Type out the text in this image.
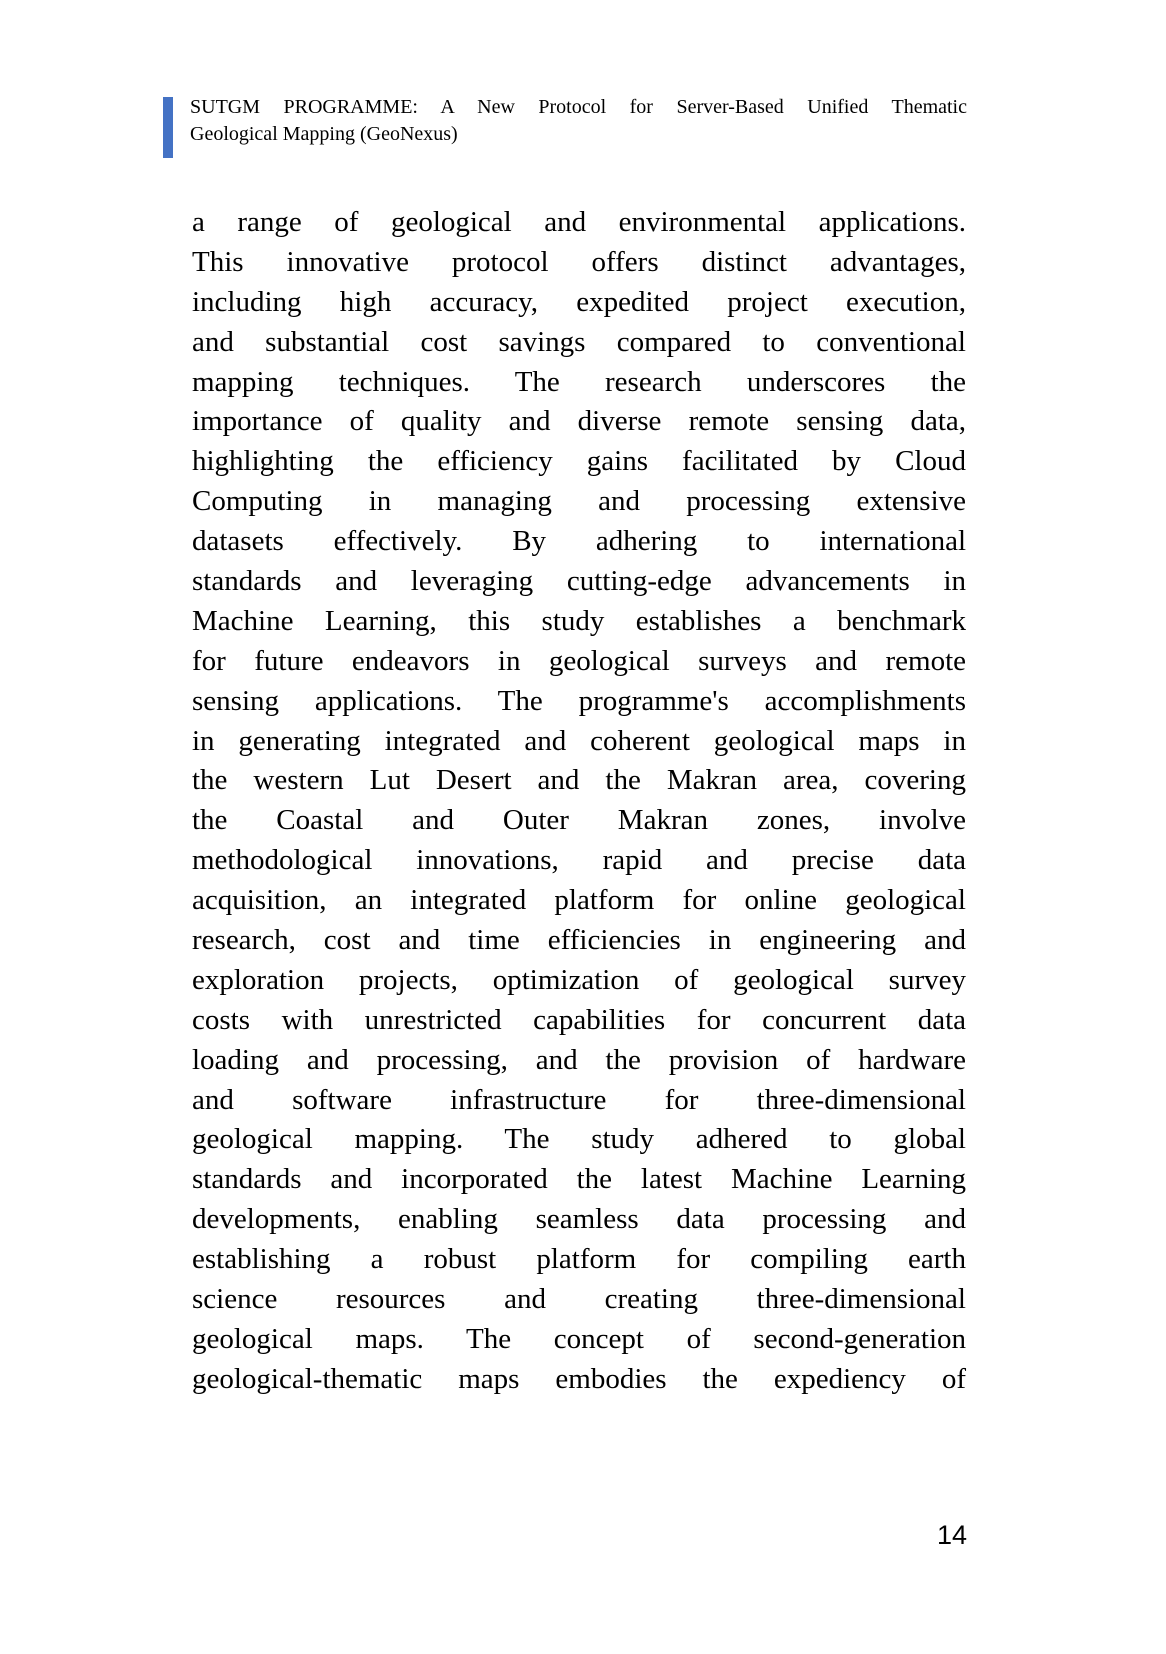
SUTGM PROGRAMME: A New Protocol for Server-Based Unified Thematic
Geological Mapping (GeoNexus)
a range of geological and environmental applications.
This innovative protocol offers distinct advantages,
including high accuracy, expedited project execution,
and substantial cost savings compared to conventional
mapping techniques. The research underscores the
importance of quality and diverse remote sensing data,
highlighting the efficiency gains facilitated by Cloud
Computing in managing and processing extensive
datasets effectively. By adhering to international
standards and leveraging cutting-edge advancements in
Machine Learning, this study establishes a benchmark
for future endeavors in geological surveys and remote
sensing applications. The programme's accomplishments
in generating integrated and coherent geological maps in
the western Lut Desert and the Makran area, covering
the Coastal and Outer Makran zones, involve
methodological innovations, rapid and precise data
acquisition, an integrated platform for online geological
research, cost and time efficiencies in engineering and
exploration projects, optimization of geological survey
costs with unrestricted capabilities for concurrent data
loading and processing, and the provision of hardware
and software infrastructure for three-dimensional
geological mapping. The study adhered to global
standards and incorporated the latest Machine Learning
developments, enabling seamless data processing and
establishing a robust platform for compiling earth
science resources and creating three-dimensional
geological maps. The concept of second-generation
geological-thematic maps embodies the expediency of
14
